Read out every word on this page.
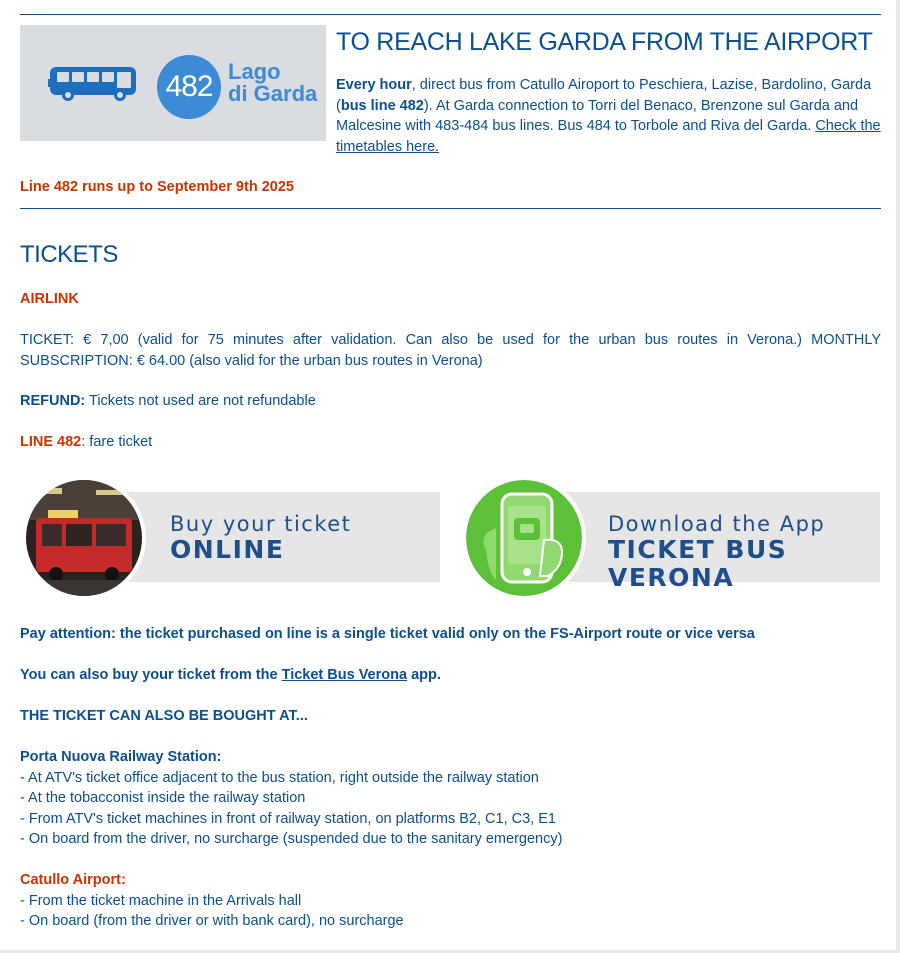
482 Lago
di Garda
TO REACH LAKE GARDA FROM THE AIRPORT
Every hour, direct bus from Catullo Airoport to Peschiera, Lazise, Bardolino, Garda (bus line 482). At Garda connection to Torri del Benaco, Brenzone sul Garda and Malcesine with 483-484 bus lines. Bus 484 to Torbole and Riva del Garda. Check the timetables here.
Line 482 runs up to September 9th 2025
TICKETS
AIRLINK
TICKET: € 7,00 (valid for 75 minutes after validation. Can also be used for the urban bus routes in Verona.) MONTHLY SUBSCRIPTION: € 64.00 (also valid for the urban bus routes in Verona)
REFUND: Tickets not used are not refundable
LINE 482: fare ticket
Buy your ticket
ONLINE
Download the App
TICKET BUS VERONA
Pay attention: the ticket purchased on line is a single ticket valid only on the FS-Airport route or vice versa
You can also buy your ticket from the Ticket Bus Verona app.
THE TICKET CAN ALSO BE BOUGHT AT...
Porta Nuova Railway Station:
- At ATV's ticket office adjacent to the bus station, right outside the railway station
- At the tobacconist inside the railway station
- From ATV's ticket machines in front of railway station, on platforms B2, C1, C3, E1
- On board from the driver, no surcharge (suspended due to the sanitary emergency)
Catullo Airport:
- From the ticket machine in the Arrivals hall
- On board (from the driver or with bank card), no surcharge
